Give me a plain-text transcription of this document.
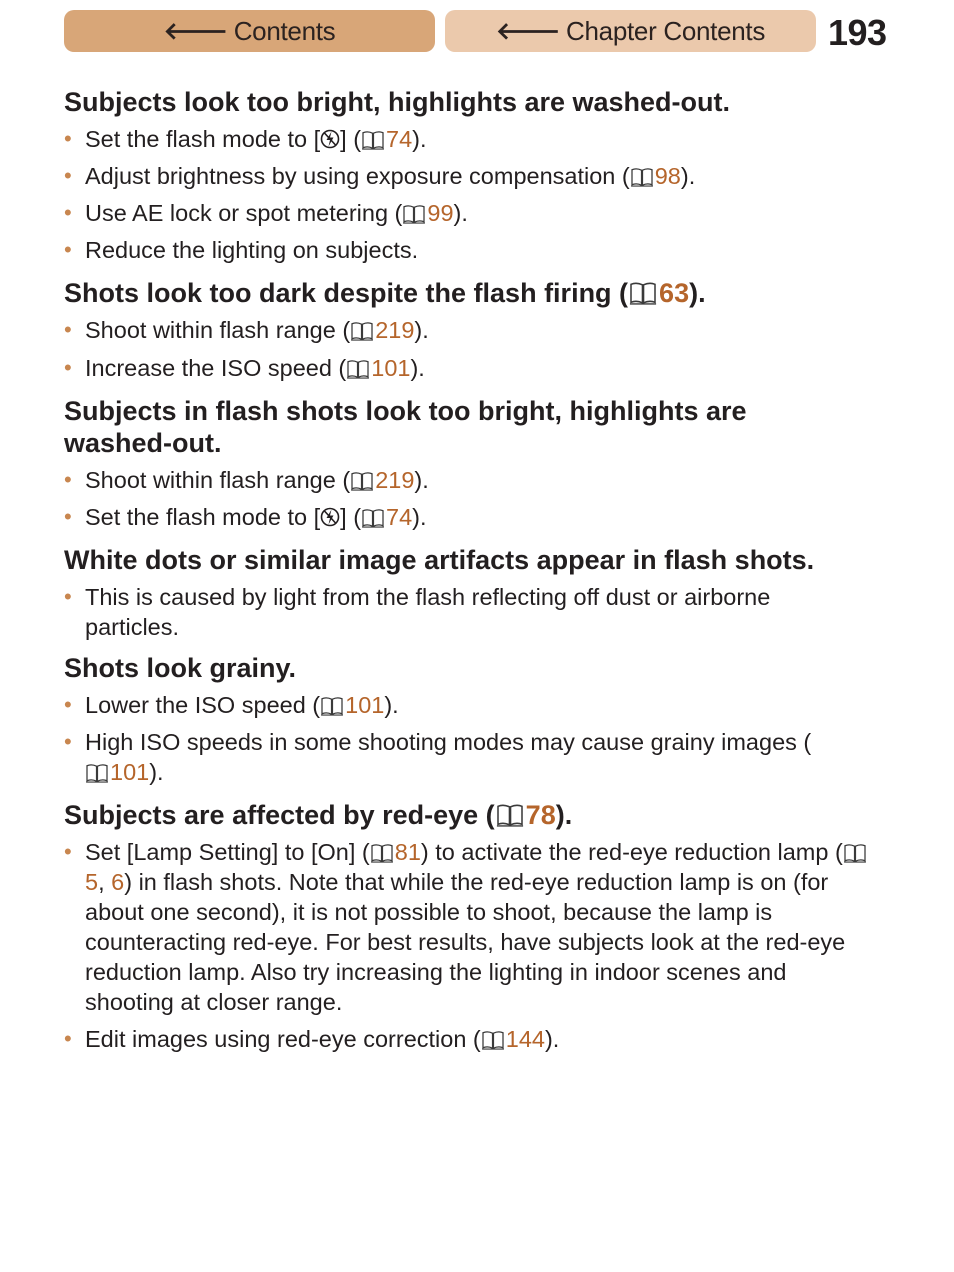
🡐 Contents	🡐 Chapter Contents 193
Subjects look too bright, highlights are washed-out.
• Set the flash mode to [ ] ( 74).
• Adjust brightness by using exposure compensation ( 98).
• Use AE lock or spot metering ( 99).
• Reduce the lighting on subjects.
Shots look too dark despite the flash firing ( 63).
• Shoot within flash range ( 219).
• Increase the ISO speed ( 101).
Subjects in flash shots look too bright, highlights are washed-out.
• Shoot within flash range ( 219).
• Set the flash mode to [ ] ( 74).
White dots or similar image artifacts appear in flash shots.
• This is caused by light from the flash reflecting off dust or airborne particles.
Shots look grainy.
• Lower the ISO speed ( 101).
• High ISO speeds in some shooting modes may cause grainy images (101).
Subjects are affected by red-eye ( 78).
• Set [Lamp Setting] to [On] ( 81) to activate the red-eye reduction lamp (5, 6) in flash shots. Note that while the red-eye reduction lamp is on (for about one second), it is not possible to shoot, because the lamp is counteracting red-eye. For best results, have subjects look at the red-eye reduction lamp. Also try increasing the lighting in indoor scenes and shooting at closer range.
• Edit images using red-eye correction ( 144).
